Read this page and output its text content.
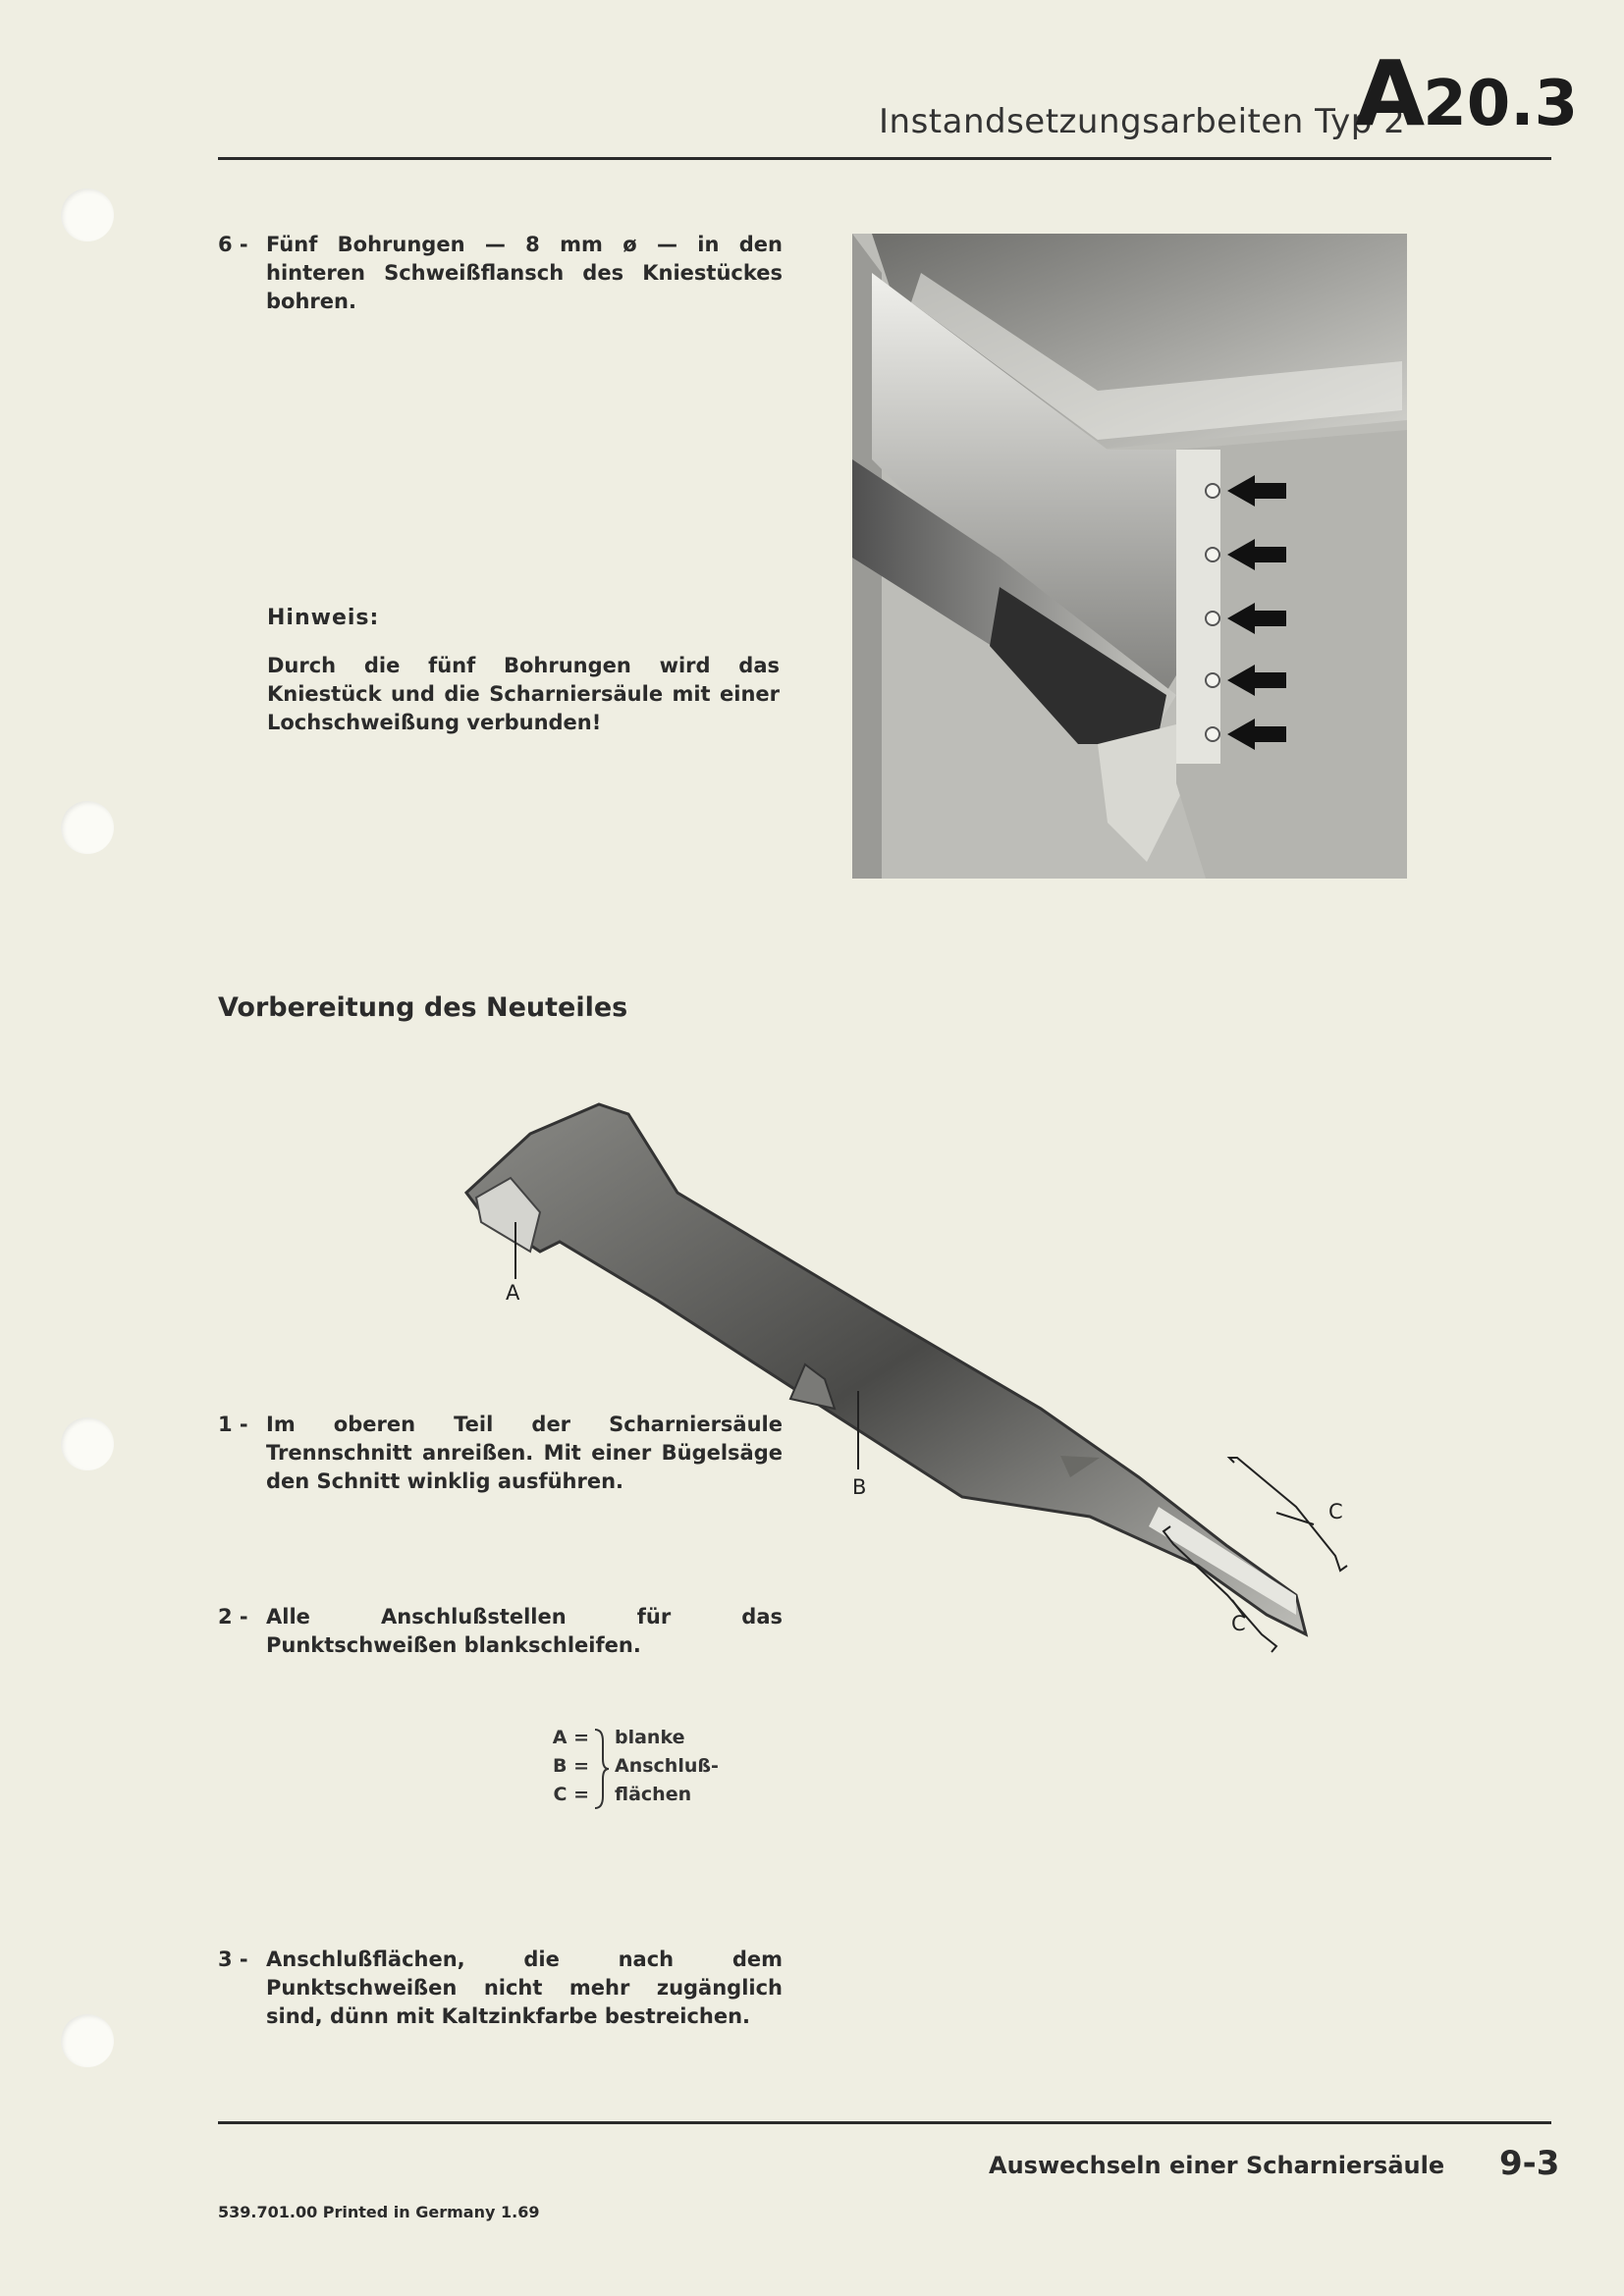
Instandsetzungsarbeiten Typ 2
A20.3
6 - Fünf Bohrungen — 8 mm ø — in den hinteren Schweißflansch des Kniestückes bohren.
Hinweis:
Durch die fünf Bohrungen wird das Kniestück und die Scharniersäule mit einer Lochschweißung verbunden!
Vorbereitung des Neuteiles
A
B
C
C
1 - Im oberen Teil der Scharniersäule Trennschnitt anreißen. Mit einer Bügelsäge den Schnitt winklig ausführen.
2 - Alle Anschlußstellen für das Punktschweißen blankschleifen.
A =
B =
C =
blanke
Anschluß-
flächen
3 - Anschlußflächen, die nach dem Punktschweißen nicht mehr zugänglich sind, dünn mit Kaltzinkfarbe bestreichen.
Auswechseln einer Scharniersäule 9-3
539.701.00 Printed in Germany 1.69
